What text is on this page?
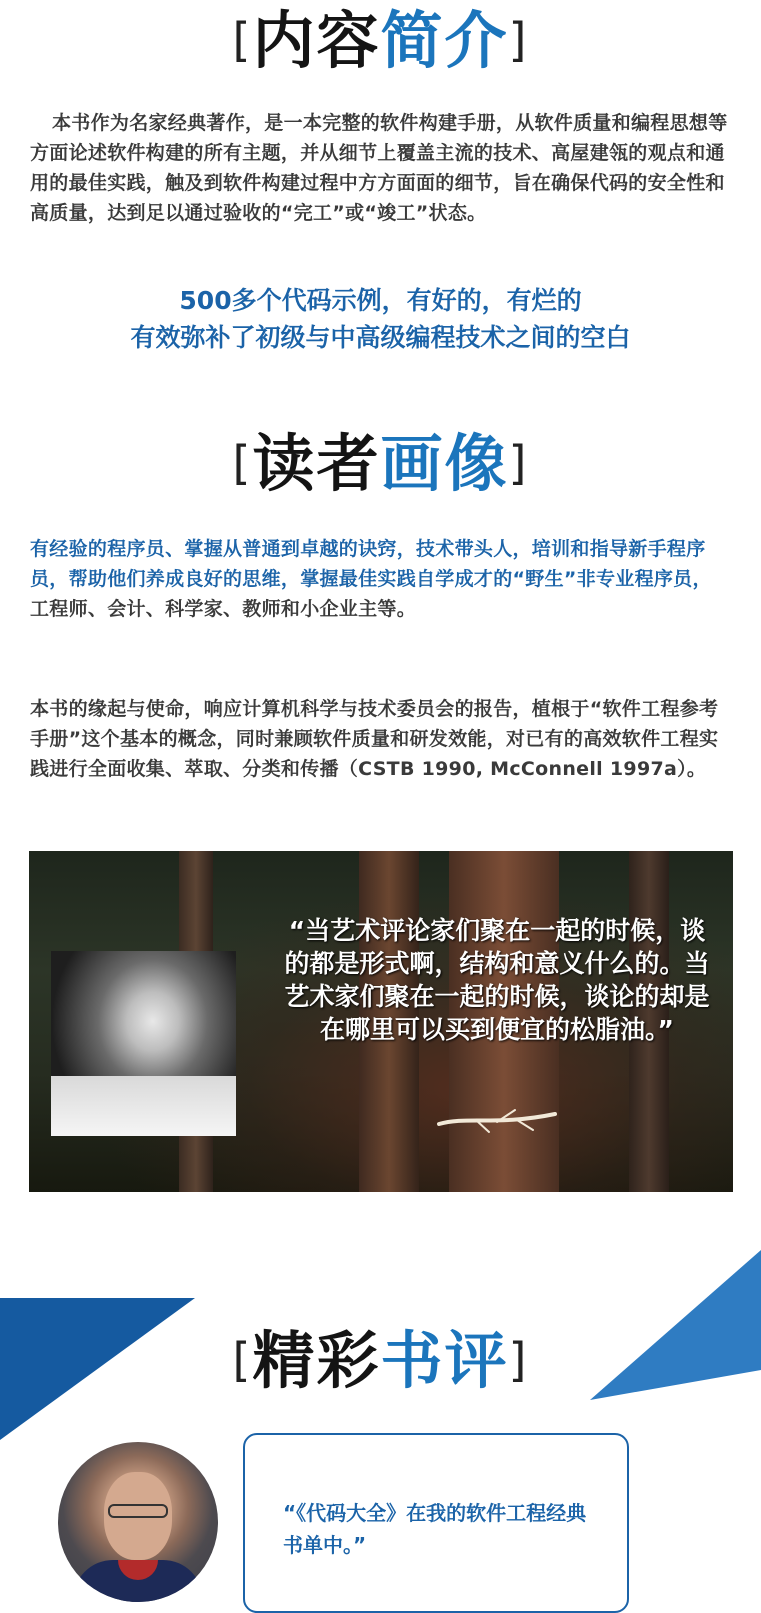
[内容简介]

本书作为名家经典著作，是一本完整的软件构建手册，从软件质量和编程思想等方面论述软件构建的所有主题，并从细节上覆盖主流的技术、高屋建瓴的观点和通用的最佳实践，触及到软件构建过程中方方面面的细节，旨在确保代码的安全性和高质量，达到足以通过验收的“完工”或“竣工”状态。

500多个代码示例，有好的，有烂的
有效弥补了初级与中高级编程技术之间的空白
[读者画像]

有经验的程序员、掌握从普通到卓越的诀窍，技术带头人，培训和指导新手程序员，帮助他们养成良好的思维，掌握最佳实践自学成才的“野生”非专业程序员，工程师、会计、科学家、教师和小企业主等。

本书的缘起与使命，响应计算机科学与技术委员会的报告，植根于“软件工程参考手册”这个基本的概念，同时兼顾软件质量和研发效能，对已有的高效软件工程实践进行全面收集、萃取、分类和传播（CSTB 1990, McConnell 1997a）。

“当艺术评论家们聚在一起的时候，谈的都是形式啊，结构和意义什么的。当艺术家们聚在一起的时候，谈论的却是在哪里可以买到便宜的松脂油。”
[精彩书评]
“《代码大全》在我的软件工程经典书单中。”
